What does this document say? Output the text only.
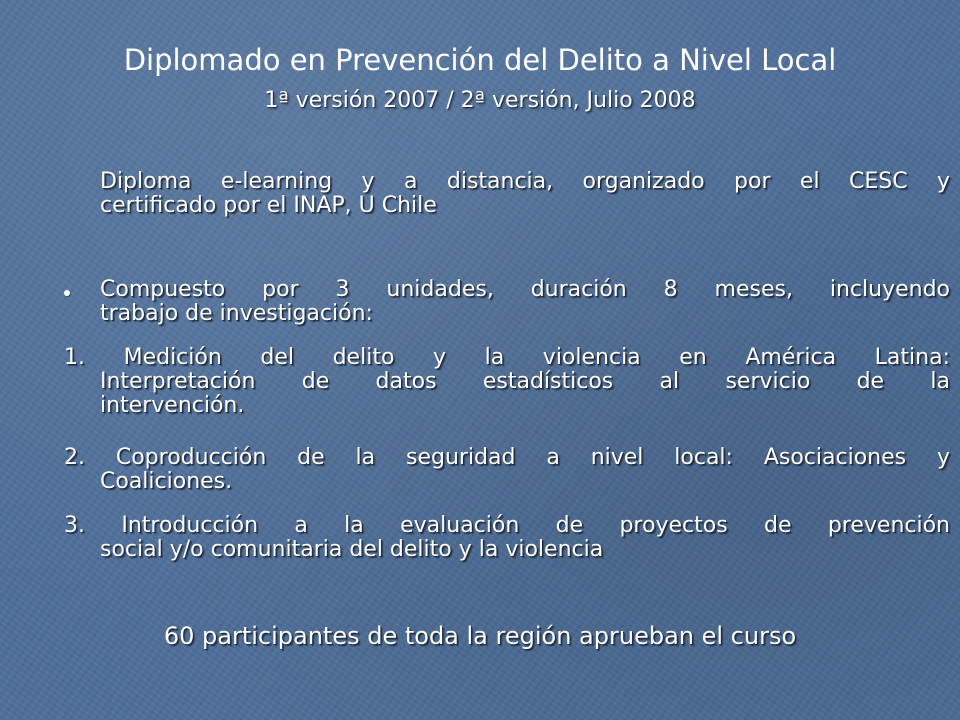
Diplomado en Prevención del Delito a Nivel Local
1ª versión 2007 / 2ª versión, Julio 2008
Diploma e-learning y a distancia, organizado por el CESC y
certificado por el INAP, U Chile
Compuesto por 3 unidades, duración 8 meses, incluyendo
trabajo de investigación:
1. Medición del delito y la violencia en América Latina:
Interpretación de datos estadísticos al servicio de la
intervención.
2. Coproducción de la seguridad a nivel local: Asociaciones y
Coaliciones.
3. Introducción a la evaluación de proyectos de prevención
social y/o comunitaria del delito y la violencia
60 participantes de toda la región aprueban el curso
